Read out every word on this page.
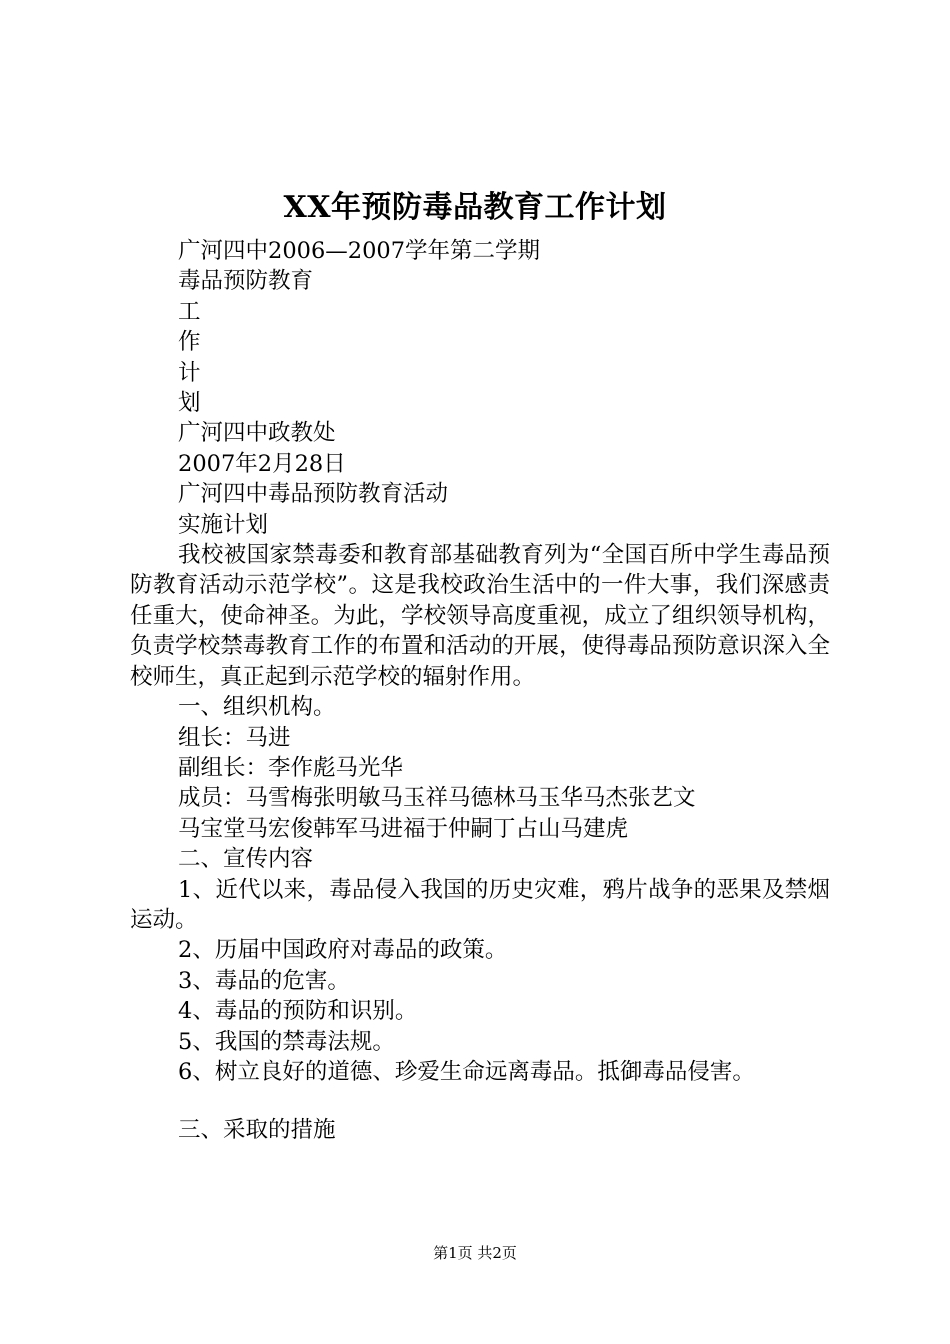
XX年预防毒品教育工作计划

广河四中2006—2007学年第二学期

毒品预防教育

工

作

计

划

广河四中政教处

2007年2月28日

广河四中毒品预防教育活动

实施计划

我校被国家禁毒委和教育部基础教育列为“全国百所中学生毒品预防教育活动示范学校”。这是我校政治生活中的一件大事，我们深感责任重大，使命神圣。为此，学校领导高度重视，成立了组织领导机构，负责学校禁毒教育工作的布置和活动的开展，使得毒品预防意识深入全校师生，真正起到示范学校的辐射作用。

一、组织机构。

组长：马进

副组长：李作彪马光华

成员：马雪梅张明敏马玉祥马德林马玉华马杰张艺文

马宝堂马宏俊韩军马进福于仲嗣丁占山马建虎

二、宣传内容

1、近代以来，毒品侵入我国的历史灾难，鸦片战争的恶果及禁烟运动。

2、历届中国政府对毒品的政策。

3、毒品的危害。

4、毒品的预防和识别。

5、我国的禁毒法规。

6、树立良好的道德、珍爱生命远离毒品。抵御毒品侵害。

三、采取的措施

第1页 共2页
